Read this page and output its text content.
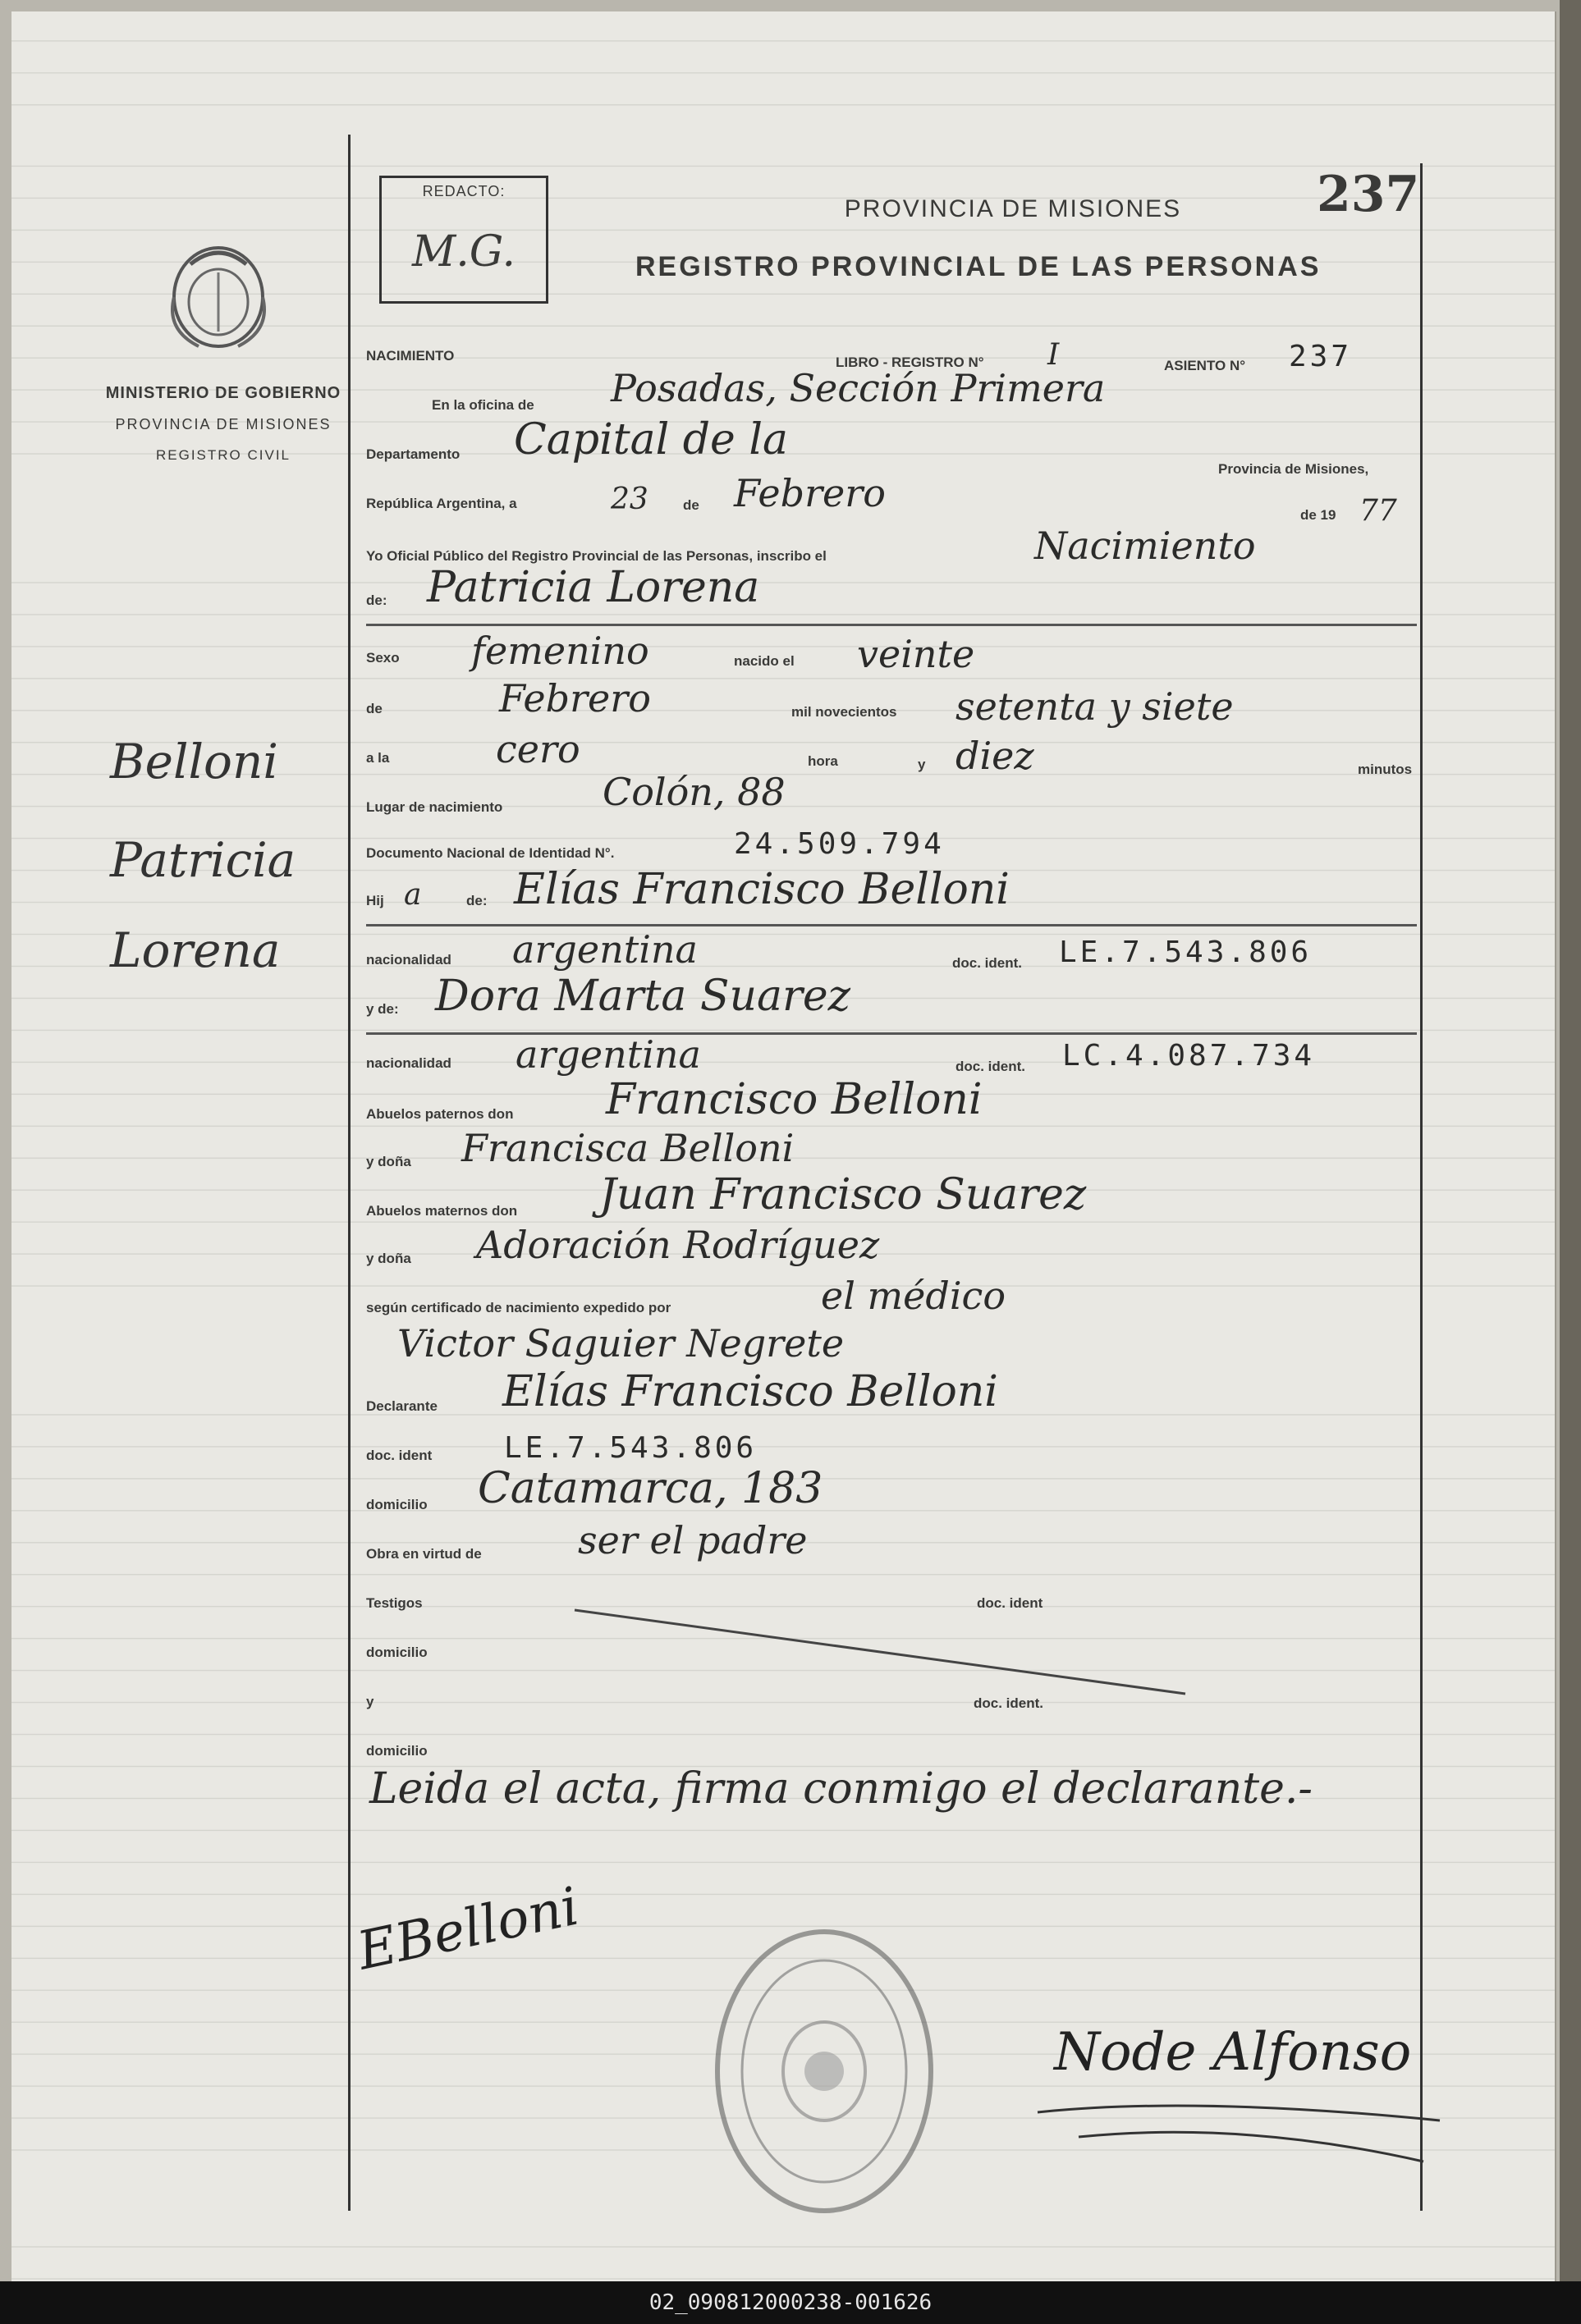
MINISTERIO DE GOBIERNO
PROVINCIA DE MISIONES
REGISTRO CIVIL
Belloni
Patricia
Lorena
REDACTO:
M.G.
PROVINCIA DE MISIONES	237
REGISTRO PROVINCIAL DE LAS PERSONAS
NACIMIENTO	LIBRO - REGISTRO N° I	ASIENTO N° 237
En la oficina de Posadas, Sección Primera
Departamento Capital de la
Provincia de Misiones,
República Argentina, a	23 de Febrero	de 19 77
Yo Oficial Público del Registro Provincial de las Personas, inscribo el	Nacimiento
de: Patricia Lorena
Sexo femenino	nacido el veinte
de	Febrero	mil novecientos setenta y siete
a la	cero	hora	y diez	minutos
Lugar de nacimiento	Colón, 88
Documento Nacional de Identidad N°.	24.509.794
Hij a	de: Elías Francisco Belloni
nacionalidad argentina	doc. ident. LE.7.543.806
y de: Dora Marta Suarez
nacionalidad argentina	doc. ident. LC.4.087.734
Abuelos paternos don Francisco Belloni
y doña Francisca Belloni
Abuelos maternos don Juan Francisco Suarez
y doña Adoración Rodríguez
según certificado de nacimiento expedido por	el médico
Victor Saguier Negrete
Declarante Elías Francisco Belloni
doc. ident LE.7.543.806
domicilio Catamarca, 183
Obra en virtud de	ser el padre
Testigos	doc. ident
domicilio
y	doc. ident.
domicilio
Leida el acta, firma conmigo el declarante.-
EBelloni
Node Alfonso
02_090812000238-001626
